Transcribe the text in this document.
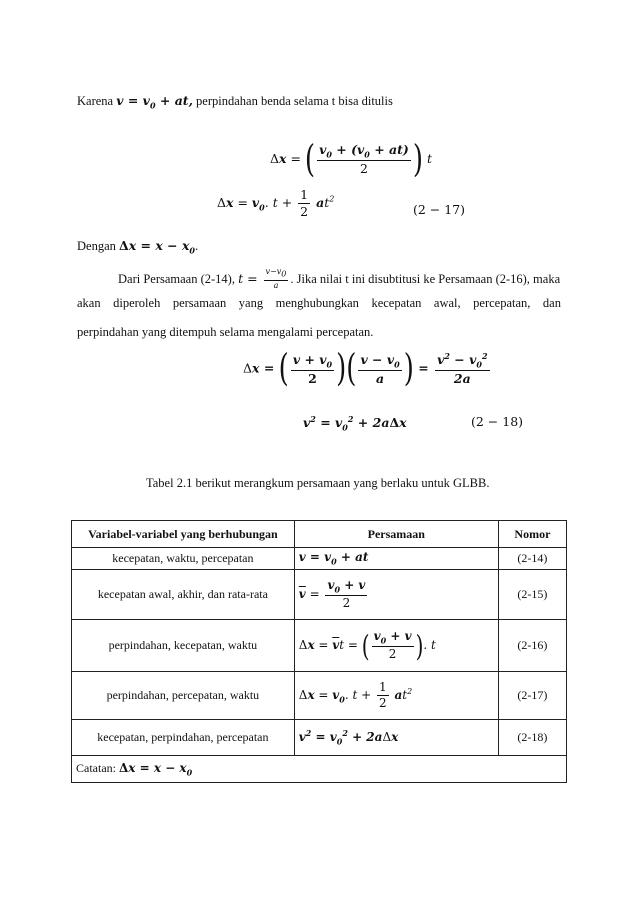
Karena $v = v_0$ + at, perpindahan benda selama t bisa ditulis
Δx = ( $\frac{v_0 + (v_0 + at)}{2}$ ) t
$\Delta x = v_0$. $t + \frac{1}{2} at^2$
(2 − 17)
Dengan $\Delta x = x - x_0$.
Dari Persamaan (2-14), $t = \frac{v-v_0}{a}$ . Jika nilai t ini disubtitusi ke Persamaan (2-16), maka
akan diperoleh persamaan yang menghubungkan kecepatan awal, percepatan, dan
perpindahan yang ditempuh selama mengalami percepatan.
Δx = ( $\frac{v + v_0}{2}$ )( $\frac{v - v_0}{a}$ ) = $\frac{v^2 - v_0^2}{2a}$
$v^2 = v_0^2 + 2a\Delta x$	(2 − 18)
Tabel 2.1 berikut merangkum persamaan yang berlaku untuk GLBB.
Variabel-variabel yang berhubungan	Persamaan	Nomor
kecepatan, waktu, percepatan	$v = v_0$ + at	(2-14)
kecepatan awal, akhir, dan rata-rata	$\overline{v} = \frac{v_0 + v}{2}$	(2-15)
perpindahan, kecepatan, waktu	$\Delta x = \overline{v}t$ = ( $\frac{v_0 + v}{2}$ ). t	(2-16)
perpindahan, percepatan, waktu	$\Delta x = v_0$. $t + \frac{1}{2} at^2$	(2-17)
kecepatan, perpindahan, percepatan	$v^2 = v_0^2 + 2a\Delta x$	(2-18)
Catatan: $\Delta x = x - x_0$
